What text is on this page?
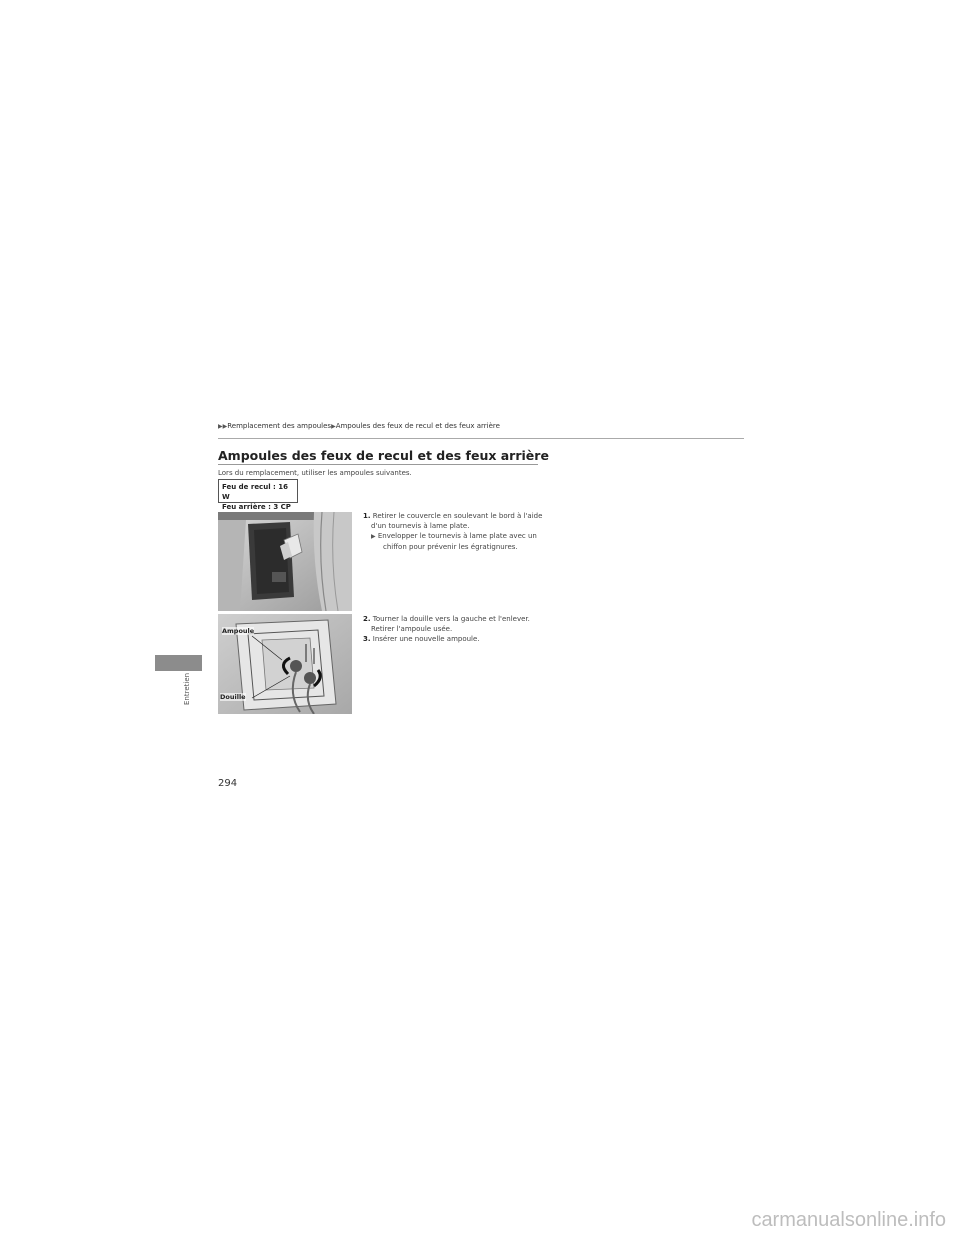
▶▶Remplacement des ampoules▶Ampoules des feux de recul et des feux arrière
Ampoules des feux de recul et des feux arrière
Lors du remplacement, utiliser les ampoules suivantes.
Feu de recul : 16 W
Feu arrière : 3 CP
Ampoule
Douille
1. Retirer le couvercle en soulevant le bord à l'aide
d'un tournevis à lame plate.
▶ Envelopper le tournevis à lame plate avec un
chiffon pour prévenir les égratignures.
2. Tourner la douille vers la gauche et l'enlever.
Retirer l'ampoule usée.
3. Insérer une nouvelle ampoule.
Entretien
294
carmanualsonline.info
